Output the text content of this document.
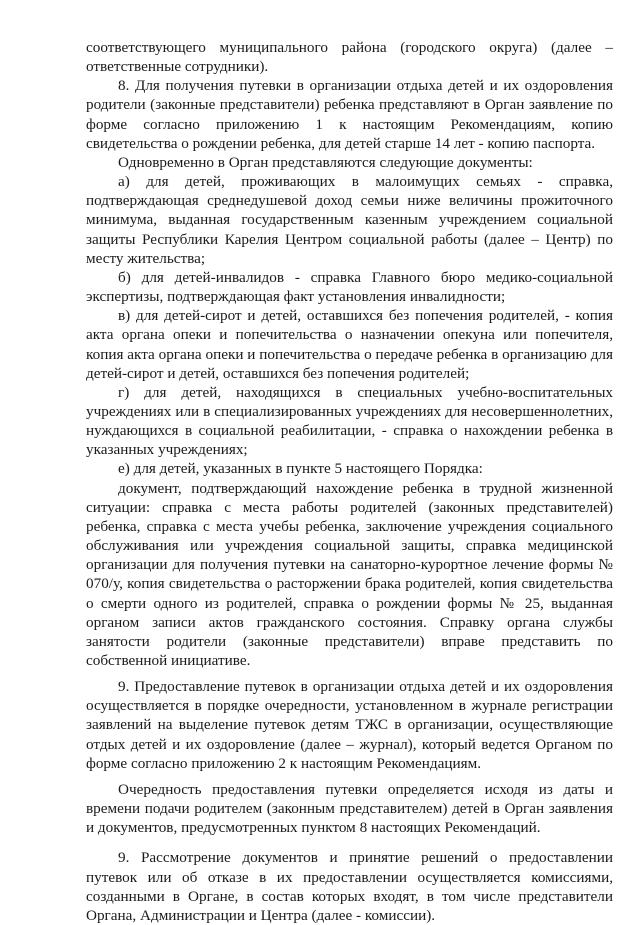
соответствующего муниципального района (городского округа) (далее – ответственные сотрудники).

8. Для получения путевки в организации отдыха детей и их оздоровления родители (законные представители) ребенка представляют в Орган заявление по форме согласно приложению 1 к настоящим Рекомендациям, копию свидетельства о рождении ребенка, для детей старше 14 лет - копию паспорта.

Одновременно в Орган представляются следующие документы:

а) для детей, проживающих в малоимущих семьях - справка, подтверждающая среднедушевой доход семьи ниже величины прожиточного минимума, выданная государственным казенным учреждением социальной защиты Республики Карелия Центром социальной работы (далее – Центр) по месту жительства;

б) для детей-инвалидов - справка Главного бюро медико-социальной экспертизы, подтверждающая факт установления инвалидности;

в) для детей-сирот и детей, оставшихся без попечения родителей, - копия акта органа опеки и попечительства о назначении опекуна или попечителя, копия акта органа опеки и попечительства о передаче ребенка в организацию для детей-сирот и детей, оставшихся без попечения родителей;

г) для детей, находящихся в специальных учебно-воспитательных учреждениях или в специализированных учреждениях для несовершеннолетних, нуждающихся в социальной реабилитации, - справка о нахождении ребенка в указанных учреждениях;

е) для детей, указанных в пункте 5 настоящего Порядка:

документ, подтверждающий нахождение ребенка в трудной жизненной ситуации: справка с места работы родителей (законных представителей) ребенка, справка с места учебы ребенка, заключение учреждения социального обслуживания или учреждения социальной защиты, справка медицинской организации для получения путевки на санаторно-курортное лечение формы № 070/у, копия свидетельства о расторжении брака родителей, копия свидетельства о смерти одного из родителей, справка о рождении формы № 25, выданная органом записи актов гражданского состояния. Справку органа службы занятости родители (законные представители) вправе представить по собственной инициативе.

9. Предоставление путевок в организации отдыха детей и их оздоровления осуществляется в порядке очередности, установленном в журнале регистрации заявлений на выделение путевок детям ТЖС в организации, осуществляющие отдых детей и их оздоровление (далее – журнал), который ведется Органом по форме согласно приложению 2 к настоящим Рекомендациям.

Очередность предоставления путевки определяется исходя из даты и времени подачи родителем (законным представителем) детей в Орган заявления и документов, предусмотренных пунктом 8 настоящих Рекомендаций.

9. Рассмотрение документов и принятие решений о предоставлении путевок или об отказе в их предоставлении осуществляется комиссиями, созданными в Органе, в состав которых входят, в том числе представители Органа, Администрации и Центра (далее - комиссии).
